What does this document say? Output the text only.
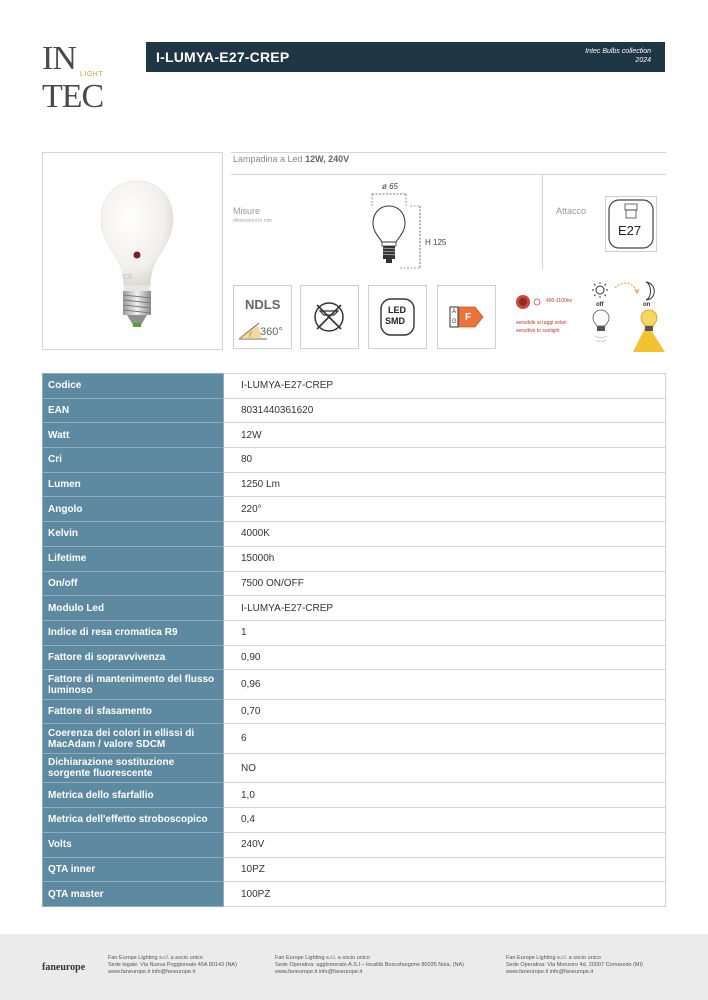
IN TEC
LIGHT
I-LUMYA-E27-CREP	Intec Bulbs collection
2024
CE
Lampadina a Led 12W, 240V
Misure
dimensioni in mm
ø 65
H 125
Attacco
E27
NDLS
360°
LED
SMD
A
G F
400-1100ns
sensibile ai raggi solari
sensitive to sunlight
off	on
Codice	I-LUMYA-E27-CREP
EAN	8031440361620
Watt	12W
Cri	80
Lumen	1250 Lm
Angolo	220°
Kelvin	4000K
Lifetime	15000h
On/off	7500 ON/OFF
Modulo Led	I-LUMYA-E27-CREP
Indice di resa cromatica R9	1
Fattore di sopravvivenza	0,90
Fattore di mantenimento del flusso luminoso	0,96
Fattore di sfasamento	0,70
Coerenza dei colori in ellissi di MacAdam / valore SDCM	6
Dichiarazione sostituzione sorgente fluorescente	NO
Metrica dello sfarfallio	1,0
Metrica dell'effetto stroboscopico	0,4
Volts	240V
QTA inner	10PZ
QTA master	100PZ
faneurope
Fan Europe Lighting s.r.l. a socio unico
Sede legale: Via Nuova Poggioreale 45A 80143 (NA)
www.faneurope.it info@faneurope.it
Fan Europe Lighting s.r.l. a socio unico
Sede Operativa: agglomerato A.S.I – località Boscofangone 80035 Nola, (NA)
www.faneurope.it info@faneurope.it
Fan Europe Lighting s.r.l. a socio unico
Sede Operativa: Via Monzoro 4d, 20007 Cornaredo (MI)
www.faneurope.it info@faneurope.it
